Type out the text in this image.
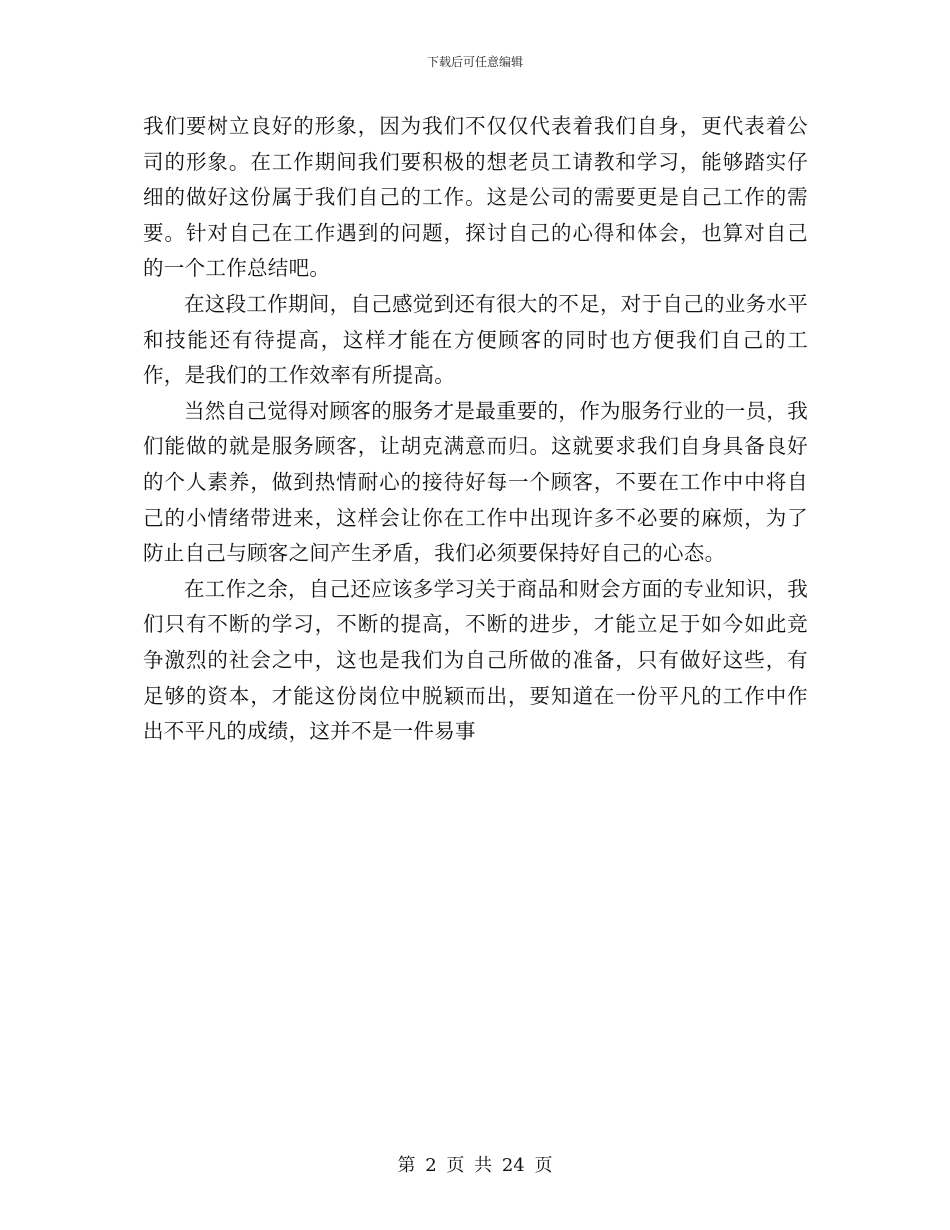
下载后可任意编辑

我们要树立良好的形象，因为我们不仅仅代表着我们自身，更代表着公司的形象。在工作期间我们要积极的想老员工请教和学习，能够踏实仔细的做好这份属于我们自己的工作。这是公司的需要更是自己工作的需要。针对自己在工作遇到的问题，探讨自己的心得和体会，也算对自己的一个工作总结吧。

在这段工作期间，自己感觉到还有很大的不足，对于自己的业务水平和技能还有待提高，这样才能在方便顾客的同时也方便我们自己的工作，是我们的工作效率有所提高。

当然自己觉得对顾客的服务才是最重要的，作为服务行业的一员，我们能做的就是服务顾客，让胡克满意而归。这就要求我们自身具备良好的个人素养，做到热情耐心的接待好每一个顾客，不要在工作中中将自己的小情绪带进来，这样会让你在工作中出现许多不必要的麻烦，为了防止自己与顾客之间产生矛盾，我们必须要保持好自己的心态。

在工作之余，自己还应该多学习关于商品和财会方面的专业知识，我们只有不断的学习，不断的提高，不断的进步，才能立足于如今如此竞争激烈的社会之中，这也是我们为自己所做的准备，只有做好这些，有足够的资本，才能这份岗位中脱颖而出，要知道在一份平凡的工作中作出不平凡的成绩，这并不是一件易事

第 2 页 共 24 页
